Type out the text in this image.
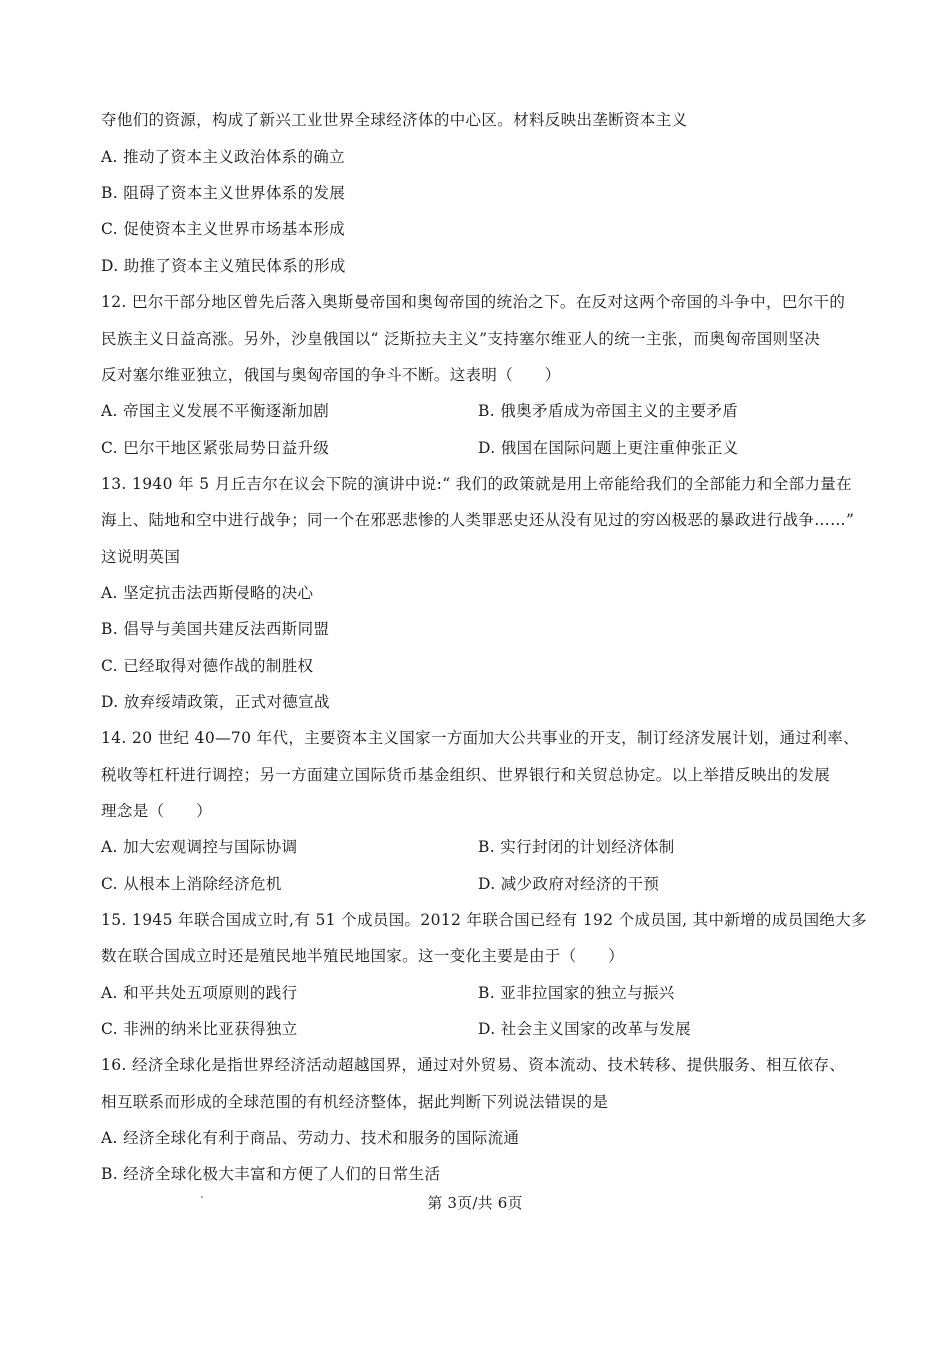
夺他们的资源，构成了新兴工业世界全球经济体的中心区。材料反映出垄断资本主义
A. 推动了资本主义政治体系的确立
B. 阻碍了资本主义世界体系的发展
C. 促使资本主义世界市场基本形成
D. 助推了资本主义殖民体系的形成
12. 巴尔干部分地区曾先后落入奥斯曼帝国和奥匈帝国的统治之下。在反对这两个帝国的斗争中，巴尔干的
民族主义日益高涨。另外，沙皇俄国以“ 泛斯拉夫主义”支持塞尔维亚人的统一主张，而奥匈帝国则坚决
反对塞尔维亚独立，俄国与奥匈帝国的争斗不断。这表明（　　）
A. 帝国主义发展不平衡逐渐加剧	B. 俄奥矛盾成为帝国主义的主要矛盾
C. 巴尔干地区紧张局势日益升级	D. 俄国在国际问题上更注重伸张正义
13. 1940 年 5 月丘吉尔在议会下院的演讲中说:“ 我们的政策就是用上帝能给我们的全部能力和全部力量在
海上、陆地和空中进行战争；同一个在邪恶悲惨的人类罪恶史还从没有见过的穷凶极恶的暴政进行战争……”
这说明英国
A. 坚定抗击法西斯侵略的决心
B. 倡导与美国共建反法西斯同盟
C. 已经取得对德作战的制胜权
D. 放弃绥靖政策，正式对德宣战
14. 20 世纪 40—70 年代，主要资本主义国家一方面加大公共事业的开支，制订经济发展计划，通过利率、
税收等杠杆进行调控；另一方面建立国际货币基金组织、世界银行和关贸总协定。以上举措反映出的发展
理念是（　　）
A. 加大宏观调控与国际协调	B. 实行封闭的计划经济体制
C. 从根本上消除经济危机	D. 减少政府对经济的干预
15. 1945 年联合国成立时,有 51 个成员国。2012 年联合国已经有 192 个成员国, 其中新增的成员国绝大多
数在联合国成立时还是殖民地半殖民地国家。这一变化主要是由于（　　）
A. 和平共处五项原则的践行	B. 亚非拉国家的独立与振兴
C. 非洲的纳米比亚获得独立	D. 社会主义国家的改革与发展
16. 经济全球化是指世界经济活动超越国界，通过对外贸易、资本流动、技术转移、提供服务、相互依存、
相互联系而形成的全球范围的有机经济整体，据此判断下列说法错误的是
A. 经济全球化有利于商品、劳动力、技术和服务的国际流通
B. 经济全球化极大丰富和方便了人们的日常生活
第 3页/共 6页
